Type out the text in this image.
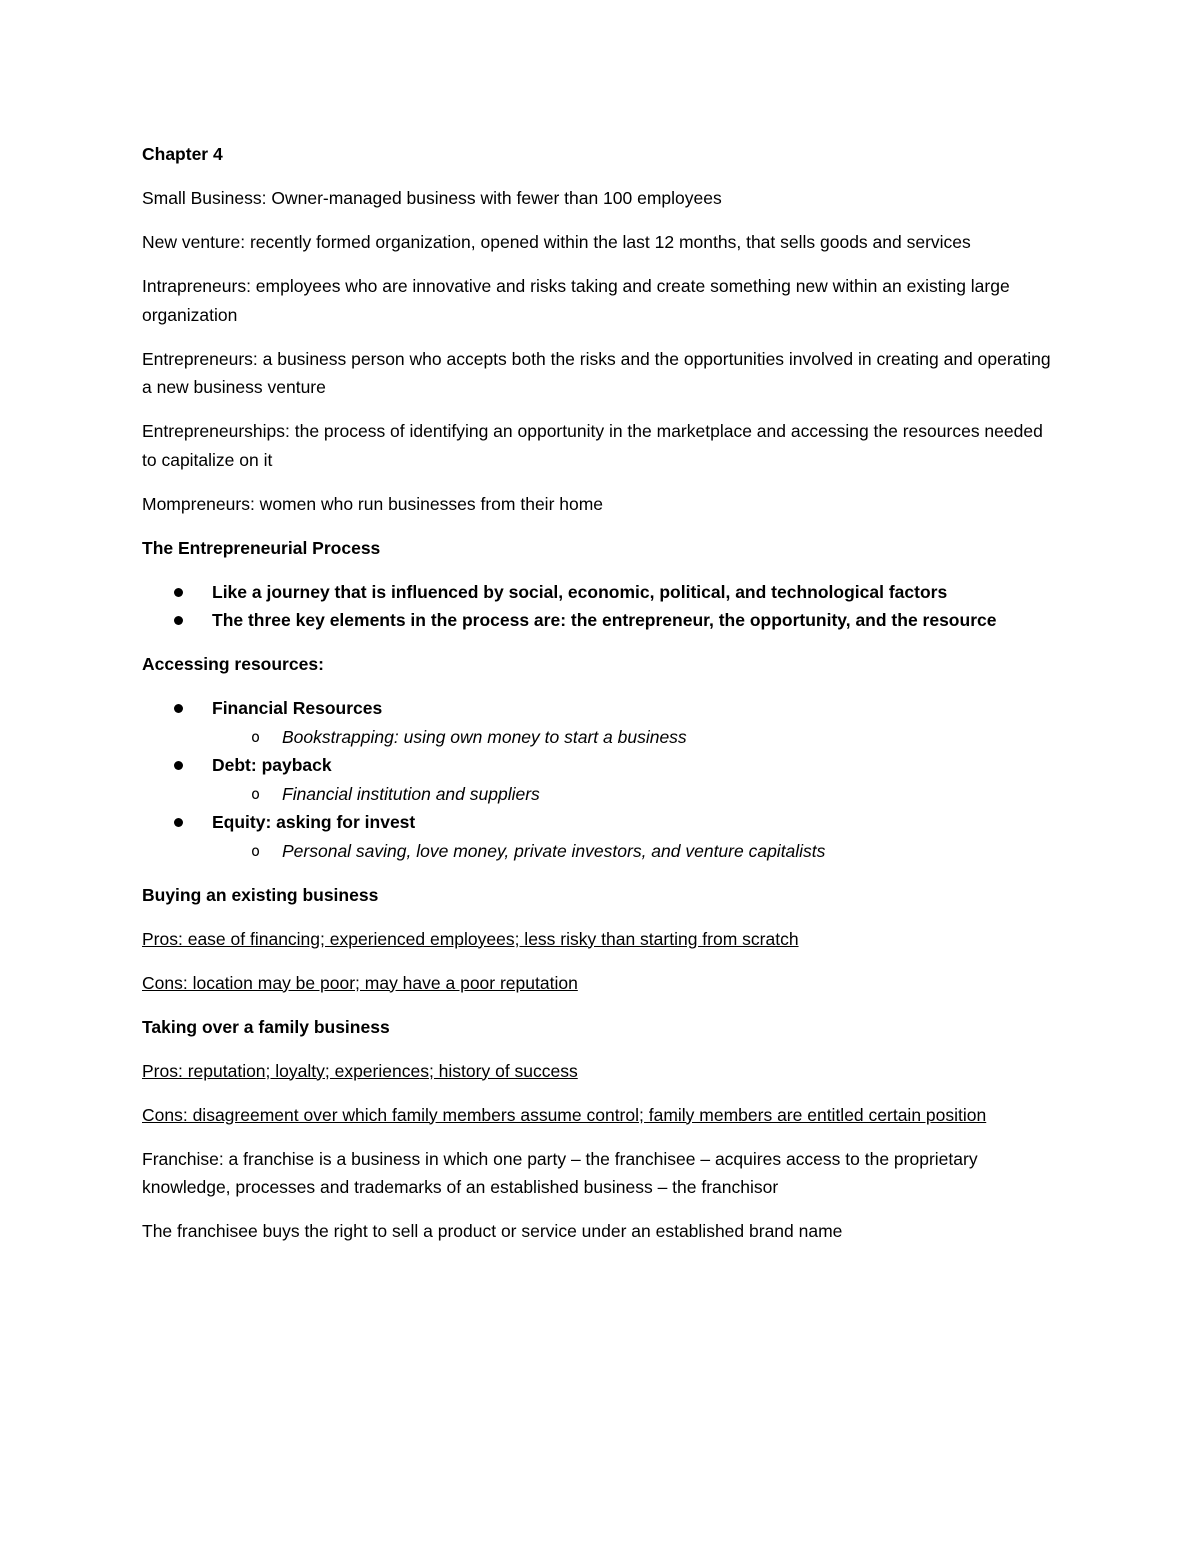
Chapter 4

Small Business: Owner-managed business with fewer than 100 employees

New venture: recently formed organization, opened within the last 12 months, that sells goods and services

Intrapreneurs: employees who are innovative and risks taking and create something new within an existing large organization

Entrepreneurs: a business person who accepts both the risks and the opportunities involved in creating and operating a new business venture

Entrepreneurships: the process of identifying an opportunity in the marketplace and accessing the resources needed to capitalize on it

Mompreneurs: women who run businesses from their home

The Entrepreneurial Process

Like a journey that is influenced by social, economic, political, and technological factors
The three key elements in the process are: the entrepreneur, the opportunity, and the resource

Accessing resources:

Financial Resources
o Bookstrapping: using own money to start a business
Debt: payback
o Financial institution and suppliers
Equity: asking for invest
o Personal saving, love money, private investors, and venture capitalists

Buying an existing business

Pros: ease of financing; experienced employees; less risky than starting from scratch

Cons: location may be poor; may have a poor reputation

Taking over a family business

Pros: reputation; loyalty; experiences; history of success

Cons: disagreement over which family members assume control; family members are entitled certain position

Franchise: a franchise is a business in which one party – the franchisee – acquires access to the proprietary knowledge, processes and trademarks of an established business – the franchisor

The franchisee buys the right to sell a product or service under an established brand name
